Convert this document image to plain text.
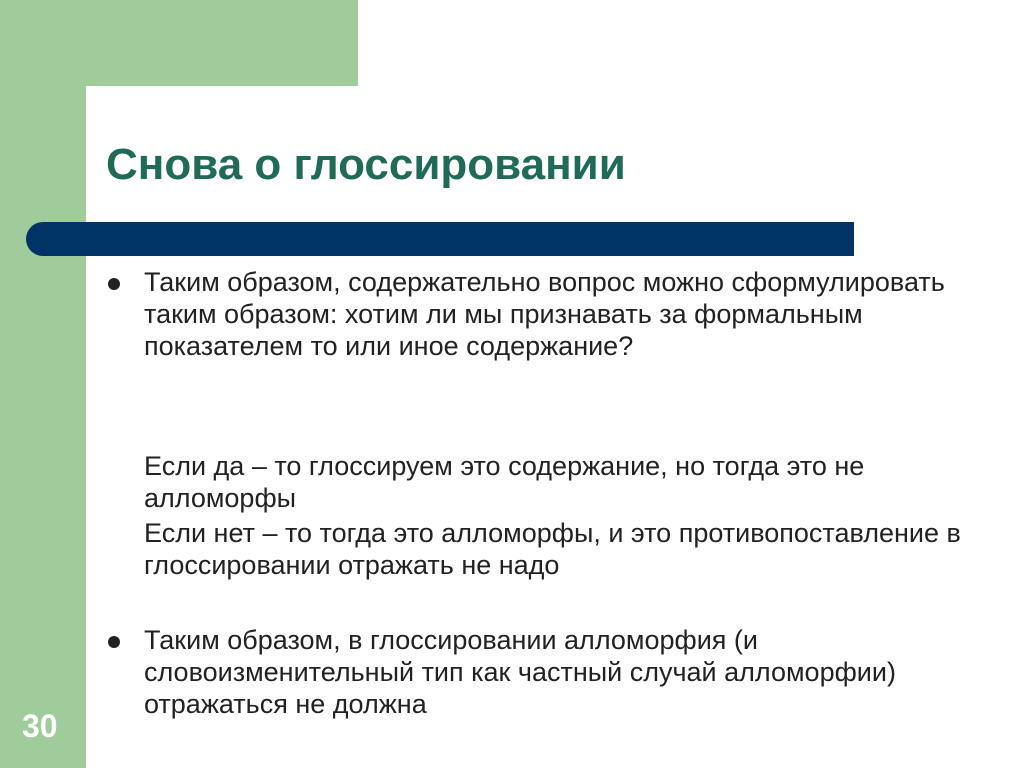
Снова о глоссировании
Таким образом, содержательно вопрос можно сформулировать таким образом: хотим ли мы признавать за формальным показателем то или иное содержание?
Если да – то глоссируем это содержание, но тогда это не алломорфы
Если нет – то тогда это алломорфы, и это противопоставление в глоссировании отражать не надо
Таким образом, в глоссировании алломорфия (и словоизменительный тип как частный случай алломорфии) отражаться не должна
30
